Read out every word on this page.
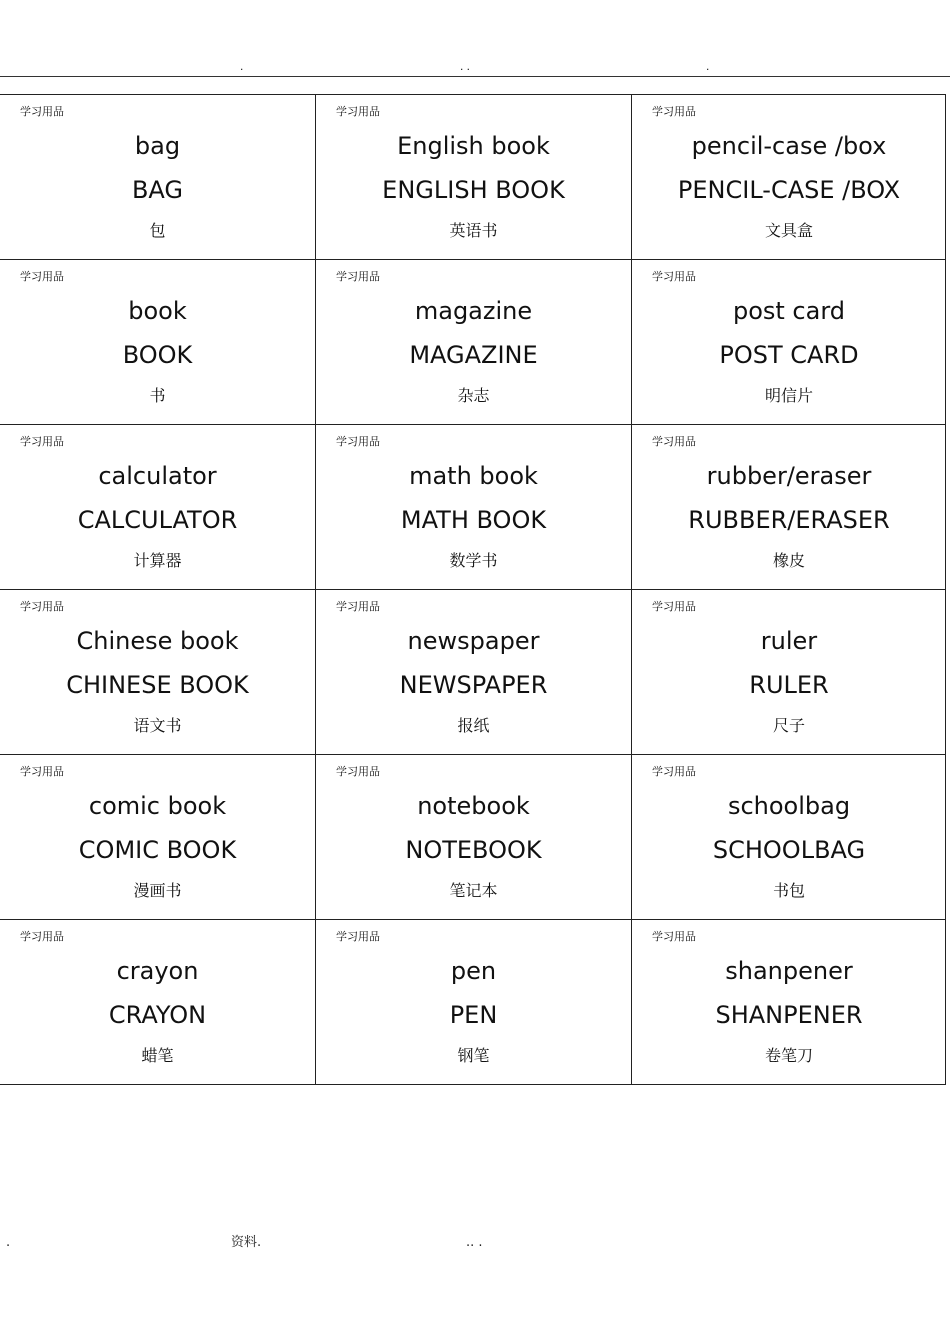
.	. .	.
学习用品
bag
BAG
包
学习用品
English book
ENGLISH BOOK
英语书
学习用品
pencil-case /box
PENCIL-CASE /BOX
文具盒
学习用品
book
BOOK
书
学习用品
magazine
MAGAZINE
杂志
学习用品
post card
POST CARD
明信片
学习用品
calculator
CALCULATOR
计算器
学习用品
math book
MATH BOOK
数学书
学习用品
rubber/eraser
RUBBER/ERASER
橡皮
学习用品
Chinese book
CHINESE BOOK
语文书
学习用品
newspaper
NEWSPAPER
报纸
学习用品
ruler
RULER
尺子
学习用品
comic book
COMIC BOOK
漫画书
学习用品
notebook
NOTEBOOK
笔记本
学习用品
schoolbag
SCHOOLBAG
书包
学习用品
crayon
CRAYON
蜡笔
学习用品
pen
PEN
钢笔
学习用品
shanpener
SHANPENER
卷笔刀
.	资料.	.. .
